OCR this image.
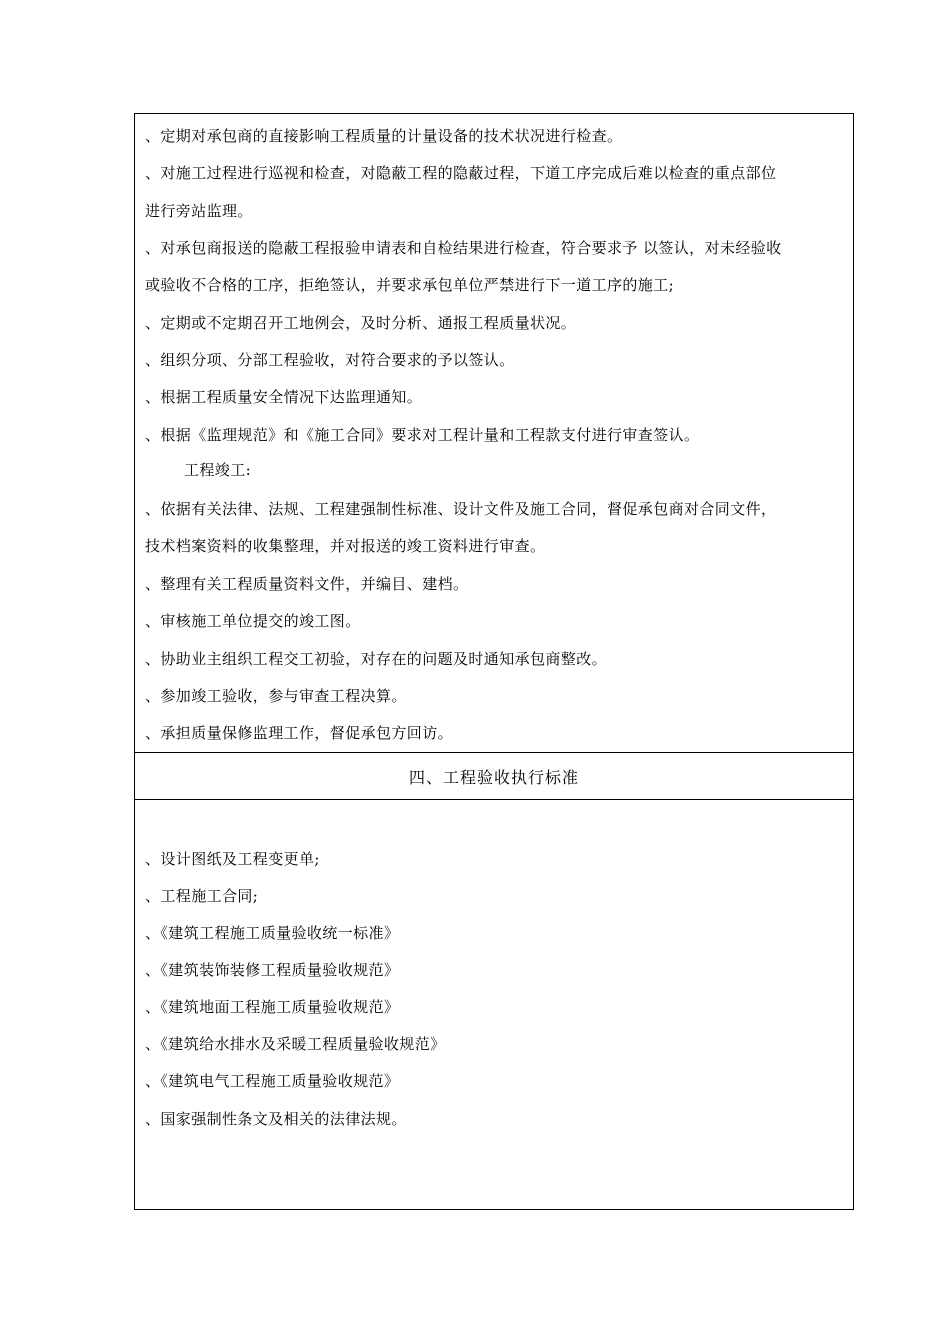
、定期对承包商的直接影响工程质量的计量设备的技术状况进行检查。
、对施工过程进行巡视和检查，对隐蔽工程的隐蔽过程，下道工序完成后难以检查的重点部位
进行旁站监理。
、对承包商报送的隐蔽工程报验申请表和自检结果进行检查，符合要求予 以签认，对未经验收
或验收不合格的工序，拒绝签认，并要求承包单位严禁进行下一道工序的施工;
、定期或不定期召开工地例会，及时分析、通报工程质量状况。
、组织分项、分部工程验收，对符合要求的予以签认。
、根据工程质量安全情况下达监理通知。
、根据《监理规范》和《施工合同》要求对工程计量和工程款支付进行审查签认。
工程竣工:
、依据有关法律、法规、工程建强制性标准、设计文件及施工合同，督促承包商对合同文件，
技术档案资料的收集整理，并对报送的竣工资料进行审查。
、整理有关工程质量资料文件，并编目、建档。
、审核施工单位提交的竣工图。
、协助业主组织工程交工初验，对存在的问题及时通知承包商整改。
、参加竣工验收，参与审查工程决算。
、承担质量保修监理工作，督促承包方回访。
四、工程验收执行标准
、设计图纸及工程变更单;
、工程施工合同;
、《建筑工程施工质量验收统一标准》
、《建筑装饰装修工程质量验收规范》
、《建筑地面工程施工质量验收规范》
、《建筑给水排水及采暖工程质量验收规范》
、《建筑电气工程施工质量验收规范》
、国家强制性条文及相关的法律法规。
